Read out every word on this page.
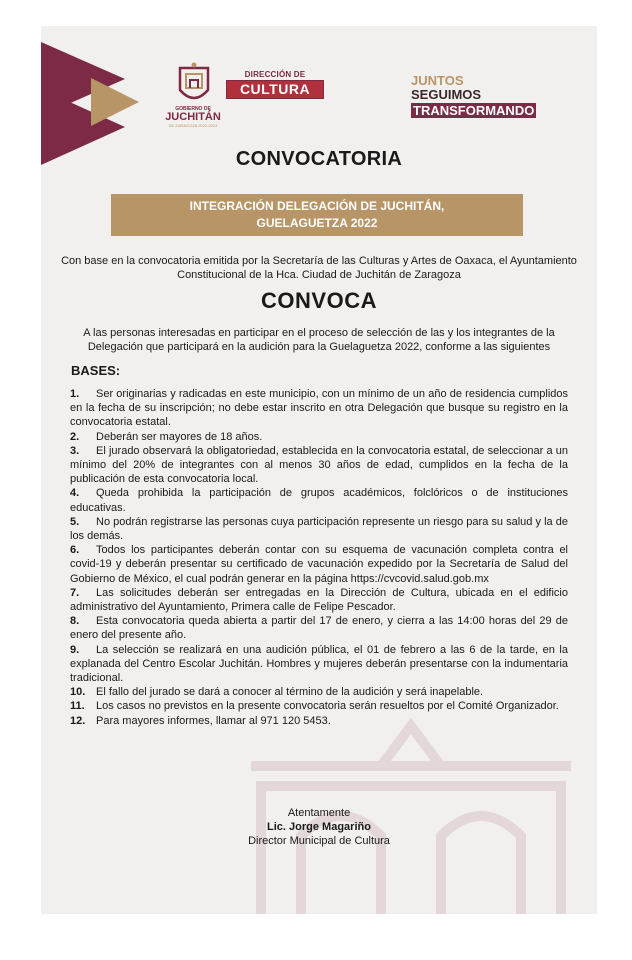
GOBIERNO DE
JUCHITÁN
DE ZARAGOZA 2022-2024
DIRECCIÓN DE
CULTURA
JUNTOS
SEGUIMOS
TRANSFORMANDO
CONVOCATORIA
INTEGRACIÓN DELEGACIÓN DE JUCHITÁN,
GUELAGUETZA 2022
Con base en la convocatoria emitida por la Secretaría de las Culturas y Artes de Oaxaca, el Ayuntamiento Constitucional de la Hca. Ciudad de Juchitán de Zaragoza
CONVOCA
A las personas interesadas en participar en el proceso de selección de las y los integrantes de la Delegación que participará en la audición para la Guelaguetza 2022, conforme a las siguientes
BASES:

1. Ser originarias y radicadas en este municipio, con un mínimo de un año de residencia cumplidos en la fecha de su inscripción; no debe estar inscrito en otra Delegación que busque su registro en la convocatoria estatal.

2. Deberán ser mayores de 18 años.

3. El jurado observará la obligatoriedad, establecida en la convocatoria estatal, de seleccionar a un mínimo del 20% de integrantes con al menos 30 años de edad, cumplidos en la fecha de la publicación de esta convocatoria local.

4. Queda prohibida la participación de grupos académicos, folclóricos o de instituciones educativas.

5. No podrán registrarse las personas cuya participación represente un riesgo para su salud y la de los demás.

6. Todos los participantes deberán contar con su esquema de vacunación completa contra el covid-19 y deberán presentar su certificado de vacunación expedido por la Secretaría de Salud del Gobierno de México, el cual podrán generar en la página https://cvcovid.salud.gob.mx

7. Las solicitudes deberán ser entregadas en la Dirección de Cultura, ubicada en el edificio administrativo del Ayuntamiento, Primera calle de Felipe Pescador.

8. Esta convocatoria queda abierta a partir del 17 de enero, y cierra a las 14:00 horas del 29 de enero del presente año.

9. La selección se realizará en una audición pública, el 01 de febrero a las 6 de la tarde, en la explanada del Centro Escolar Juchitán. Hombres y mujeres deberán presentarse con la indumentaria tradicional.

10. El fallo del jurado se dará a conocer al término de la audición y será inapelable.

11. Los casos no previstos en la presente convocatoria serán resueltos por el Comité Organizador.

12. Para mayores informes, llamar al 971 120 5453.

Atentamente
Lic. Jorge Magariño
Director Municipal de Cultura
